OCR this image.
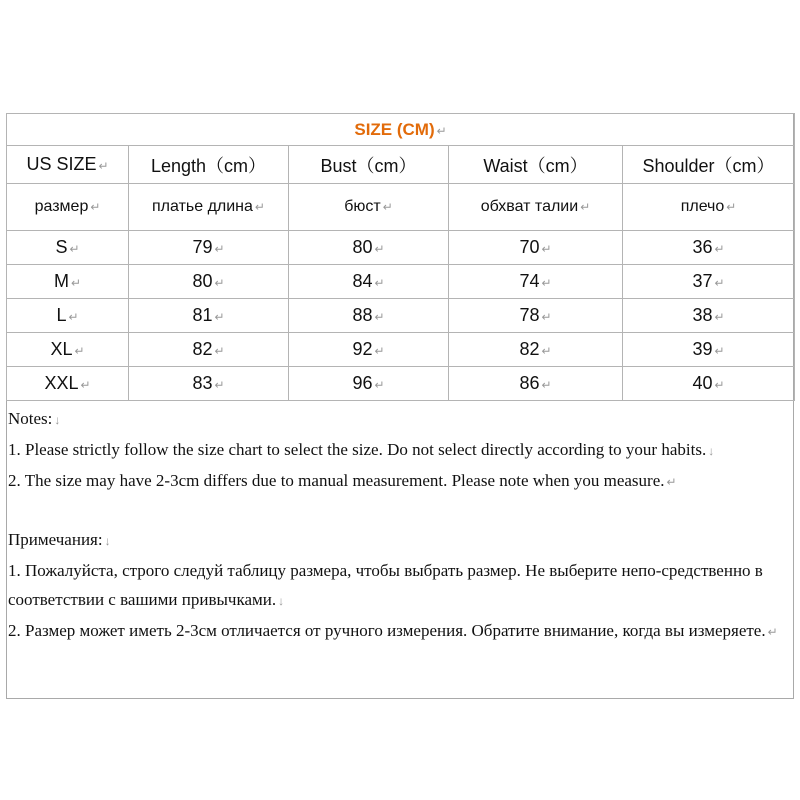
SIZE (CM) ↵				
US SIZE ↵	Length（cm）	Bust（cm）	Waist（cm）	Shoulder（cm）
размер ↵	платье длина ↵	бюст ↵	обхват талии ↵	плечо ↵
S ↵	79 ↵	80 ↵	70 ↵	36 ↵
M ↵	80 ↵	84 ↵	74 ↵	37 ↵
L ↵	81 ↵	88 ↵	78 ↵	38 ↵
XL ↵	82 ↵	92 ↵	82 ↵	39 ↵
XXL ↵	83 ↵	96 ↵	86 ↵	40 ↵

Notes: ↓

1. Please strictly follow the size chart to select the size. Do not select directly according to your habits. ↓

2. The size may have 2-3cm differs due to manual measurement. Please note when you measure. ↵

Примечания: ↓

1. Пожалуйста, строго следуй таблицу размера, чтобы выбрать размер. Не выберите непо-средственно в соответствии с вашими привычками. ↓

2. Размер может иметь 2-3см отличается от ручного измерения. Обратите внимание, когда вы измеряете. ↵
